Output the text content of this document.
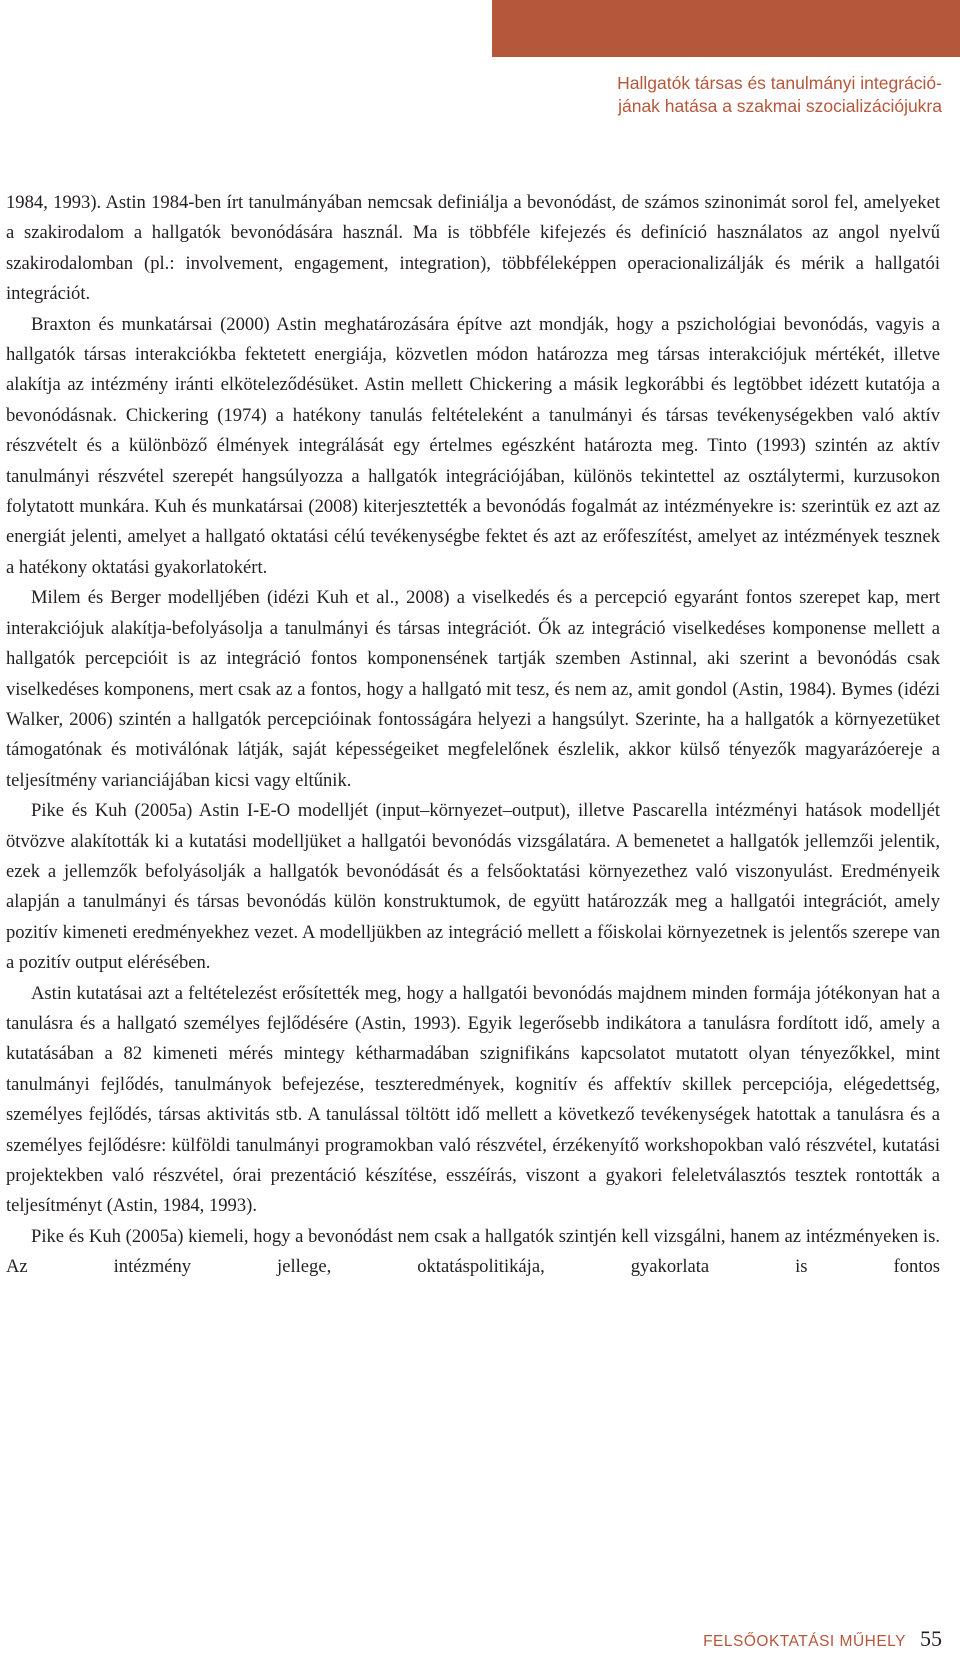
Hallgatók társas és tanulmányi integráció-
jának hatása a szakmai szocializációjukra

1984, 1993). Astin 1984-ben írt tanulmányában nemcsak definiálja a bevonódást, de számos szinonimát sorol fel, amelyeket a szakirodalom a hallgatók bevonódására használ. Ma is többféle kifejezés és definíció használatos az angol nyelvű szakirodalomban (pl.: involvement, engagement, integration), többféleképpen operacionalizálják és mérik a hallgatói integrációt.

Braxton és munkatársai (2000) Astin meghatározására építve azt mondják, hogy a pszichológiai bevonódás, vagyis a hallgatók társas interakciókba fektetett energiája, közvetlen módon határozza meg társas interakciójuk mértékét, illetve alakítja az intézmény iránti elköteleződésüket. Astin mellett Chickering a másik legkorábbi és legtöbbet idézett kutatója a bevonódásnak. Chickering (1974) a hatékony tanulás feltételeként a tanulmányi és társas tevékenységekben való aktív részvételt és a különböző élmények integrálását egy értelmes egészként határozta meg. Tinto (1993) szintén az aktív tanulmányi részvétel szerepét hangsúlyozza a hallgatók integrációjában, különös tekintettel az osztálytermi, kurzusokon folytatott munkára. Kuh és munkatársai (2008) kiterjesztették a bevonódás fogalmát az intézményekre is: szerintük ez azt az energiát jelenti, amelyet a hallgató oktatási célú tevékenységbe fektet és azt az erőfeszítést, amelyet az intézmények tesznek a hatékony oktatási gyakorlatokért.

Milem és Berger modelljében (idézi Kuh et al., 2008) a viselkedés és a percepció egyaránt fontos szerepet kap, mert interakciójuk alakítja-befolyásolja a tanulmányi és társas integrációt. Ők az integráció viselkedéses komponense mellett a hallgatók percepcióit is az integráció fontos komponensének tartják szemben Astinnal, aki szerint a bevonódás csak viselkedéses komponens, mert csak az a fontos, hogy a hallgató mit tesz, és nem az, amit gondol (Astin, 1984). Bymes (idézi Walker, 2006) szintén a hallgatók percepcióinak fontosságára helyezi a hangsúlyt. Szerinte, ha a hallgatók a környezetüket támogatónak és motiválónak látják, saját képességeiket megfelelőnek észlelik, akkor külső tényezők magyarázóereje a teljesítmény varianciájában kicsi vagy eltűnik.

Pike és Kuh (2005a) Astin I-E-O modelljét (input–környezet–output), illetve Pascarella intézményi hatások modelljét ötvözve alakították ki a kutatási modelljüket a hallgatói bevonódás vizsgálatára. A bemenetet a hallgatók jellemzői jelentik, ezek a jellemzők befolyásolják a hallgatók bevonódását és a felsőoktatási környezethez való viszonyulást. Eredményeik alapján a tanulmányi és társas bevonódás külön konstruktumok, de együtt határozzák meg a hallgatói integrációt, amely pozitív kimeneti eredményekhez vezet. A modelljükben az integráció mellett a főiskolai környezetnek is jelentős szerepe van a pozitív output elérésében.

Astin kutatásai azt a feltételezést erősítették meg, hogy a hallgatói bevonódás majdnem minden formája jótékonyan hat a tanulásra és a hallgató személyes fejlődésére (Astin, 1993). Egyik legerősebb indikátora a tanulásra fordított idő, amely a kutatásában a 82 kimeneti mérés mintegy kétharmadában szignifikáns kapcsolatot mutatott olyan tényezőkkel, mint tanulmányi fejlődés, tanulmányok befejezése, teszteredmények, kognitív és affektív skillek percepciója, elégedettség, személyes fejlődés, társas aktivitás stb. A tanulással töltött idő mellett a következő tevékenységek hatottak a tanulásra és a személyes fejlődésre: külföldi tanulmányi programokban való részvétel, érzékenyítő workshopokban való részvétel, kutatási projektekben való részvétel, órai prezentáció készítése, esszéírás, viszont a gyakori feleletválasztós tesztek rontották a teljesítményt (Astin, 1984, 1993).

Pike és Kuh (2005a) kiemeli, hogy a bevonódást nem csak a hallgatók szintjén kell vizsgálni, hanem az intézményeken is. Az intézmény jellege, oktatáspolitikája, gyakorlata is fontos

FELSŐOKTATÁSI MŰHELY 55
